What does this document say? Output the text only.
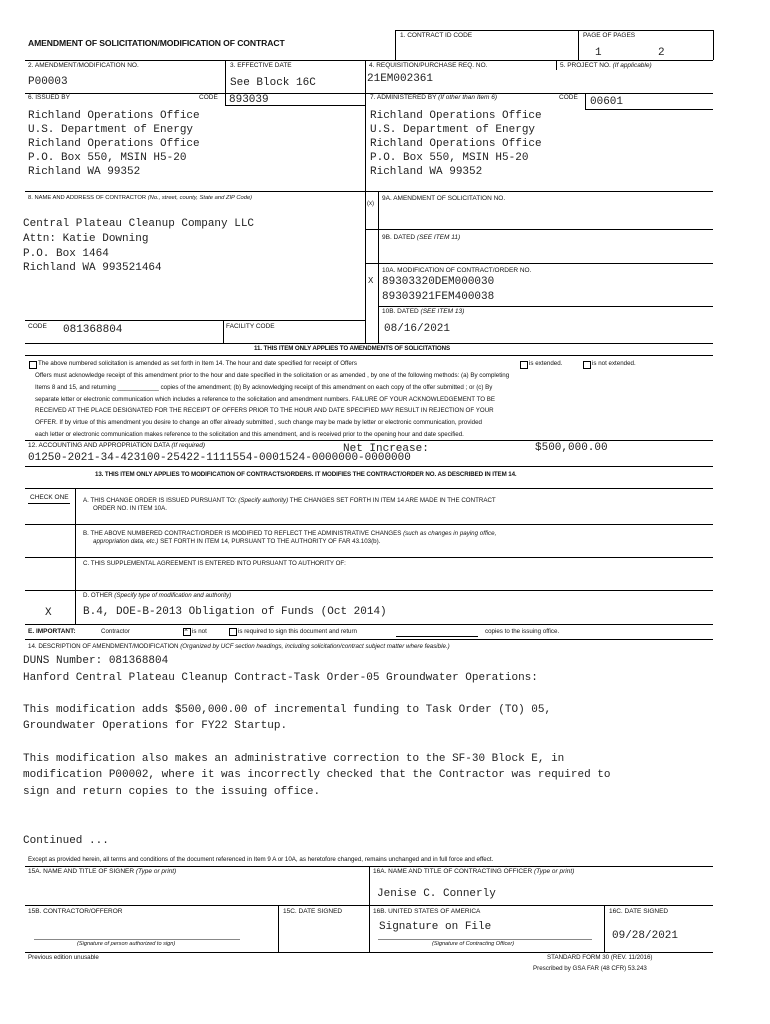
AMENDMENT OF SOLICITATION/MODIFICATION OF CONTRACT
1. CONTRACT ID CODE	PAGE OF PAGES
1	2
2. AMENDMENT/MODIFICATION NO.
P00003
3. EFFECTIVE DATE
See Block 16C
4. REQUISITION/PURCHASE REQ. NO.
21EM002361
5. PROJECT NO. (If applicable)
6. ISSUED BY	CODE 893039
Richland Operations Office
U.S. Department of Energy
Richland Operations Office
P.O. Box 550, MSIN H5-20
Richland WA 99352
7. ADMINISTERED BY (If other than Item 6)	CODE 00601
Richland Operations Office
U.S. Department of Energy
Richland Operations Office
P.O. Box 550, MSIN H5-20
Richland WA 99352
8. NAME AND ADDRESS OF CONTRACTOR (No., street, county, State and ZIP Code)
Central Plateau Cleanup Company LLC
Attn: Katie Downing
P.O. Box 1464
Richland WA 993521464
(x)
9A. AMENDMENT OF SOLICITATION NO.
9B. DATED (SEE ITEM 11)
10A. MODIFICATION OF CONTRACT/ORDER NO.
X 89303320DEM000030
89303921FEM400038
10B. DATED (SEE ITEM 13)
08/16/2021
CODE 081368804	FACILITY CODE
11. THIS ITEM ONLY APPLIES TO AMENDMENTS OF SOLICITATIONS
The above numbered solicitation is amended as set forth in Item 14. The hour and date specified for receipt of Offers	is extended.	is not extended.
Offers must acknowledge receipt of this amendment prior to the hour and date specified in the solicitation or as amended , by one of the following methods: (a) By completing
Items 8 and 15, and returning ____________ copies of the amendment; (b) By acknowledging receipt of this amendment on each copy of the offer submitted ; or (c) By
separate letter or electronic communication which includes a reference to the solicitation and amendment numbers. FAILURE OF YOUR ACKNOWLEDGEMENT TO BE
RECEIVED AT THE PLACE DESIGNATED FOR THE RECEIPT OF OFFERS PRIOR TO THE HOUR AND DATE SPECIFIED MAY RESULT IN REJECTION OF YOUR
OFFER. If by virtue of this amendment you desire to change an offer already submitted , such change may be made by letter or electronic communication, provided
each letter or electronic communication makes reference to the solicitation and this amendment, and is received prior to the opening hour and date specified.
12. ACCOUNTING AND APPROPRIATION DATA (If required)	Net Increase:	$500,000.00
01250-2021-34-423100-25422-1111554-0001524-0000000-0000000
13. THIS ITEM ONLY APPLIES TO MODIFICATION OF CONTRACTS/ORDERS. IT MODIFIES THE CONTRACT/ORDER NO. AS DESCRIBED IN ITEM 14.
CHECK ONE A. THIS CHANGE ORDER IS ISSUED PURSUANT TO: (Specify authority) THE CHANGES SET FORTH IN ITEM 14 ARE MADE IN THE CONTRACT
ORDER NO. IN ITEM 10A.
B. THE ABOVE NUMBERED CONTRACT/ORDER IS MODIFIED TO REFLECT THE ADMINISTRATIVE CHANGES (such as changes in paying office,
appropriation data, etc.) SET FORTH IN ITEM 14, PURSUANT TO THE AUTHORITY OF FAR 43.103(b).
C. THIS SUPPLEMENTAL AGREEMENT IS ENTERED INTO PURSUANT TO AUTHORITY OF:
D. OTHER (Specify type of modification and authority)
X	B.4, DOE-B-2013 Obligation of Funds (Oct 2014)
E. IMPORTANT:	Contractor	× is not	is required to sign this document and return	copies to the issuing office.
14. DESCRIPTION OF AMENDMENT/MODIFICATION (Organized by UCF section headings, including solicitation/contract subject matter where feasible.)
DUNS Number: 081368804
Hanford Central Plateau Cleanup Contract-Task Order-05 Groundwater Operations:
This modification adds $500,000.00 of incremental funding to Task Order (TO) 05,
Groundwater Operations for FY22 Startup.
This modification also makes an administrative correction to the SF-30 Block E, in
modification P00002, where it was incorrectly checked that the Contractor was required to
sign and return copies to the issuing office.
Continued ...
Except as provided herein, all terms and conditions of the document referenced in Item 9 A or 10A, as heretofore changed, remains unchanged and in full force and effect.
15A. NAME AND TITLE OF SIGNER (Type or print)	16A. NAME AND TITLE OF CONTRACTING OFFICER (Type or print)
Jenise C. Connerly
15B. CONTRACTOR/OFFEROR	15C. DATE SIGNED	16B. UNITED STATES OF AMERICA	16C. DATE SIGNED
Signature on File
09/28/2021
(Signature of person authorized to sign)	(Signature of Contracting Officer)
Previous edition unusable	STANDARD FORM 30 (REV. 11/2016)
Prescribed by GSA FAR (48 CFR) 53.243
